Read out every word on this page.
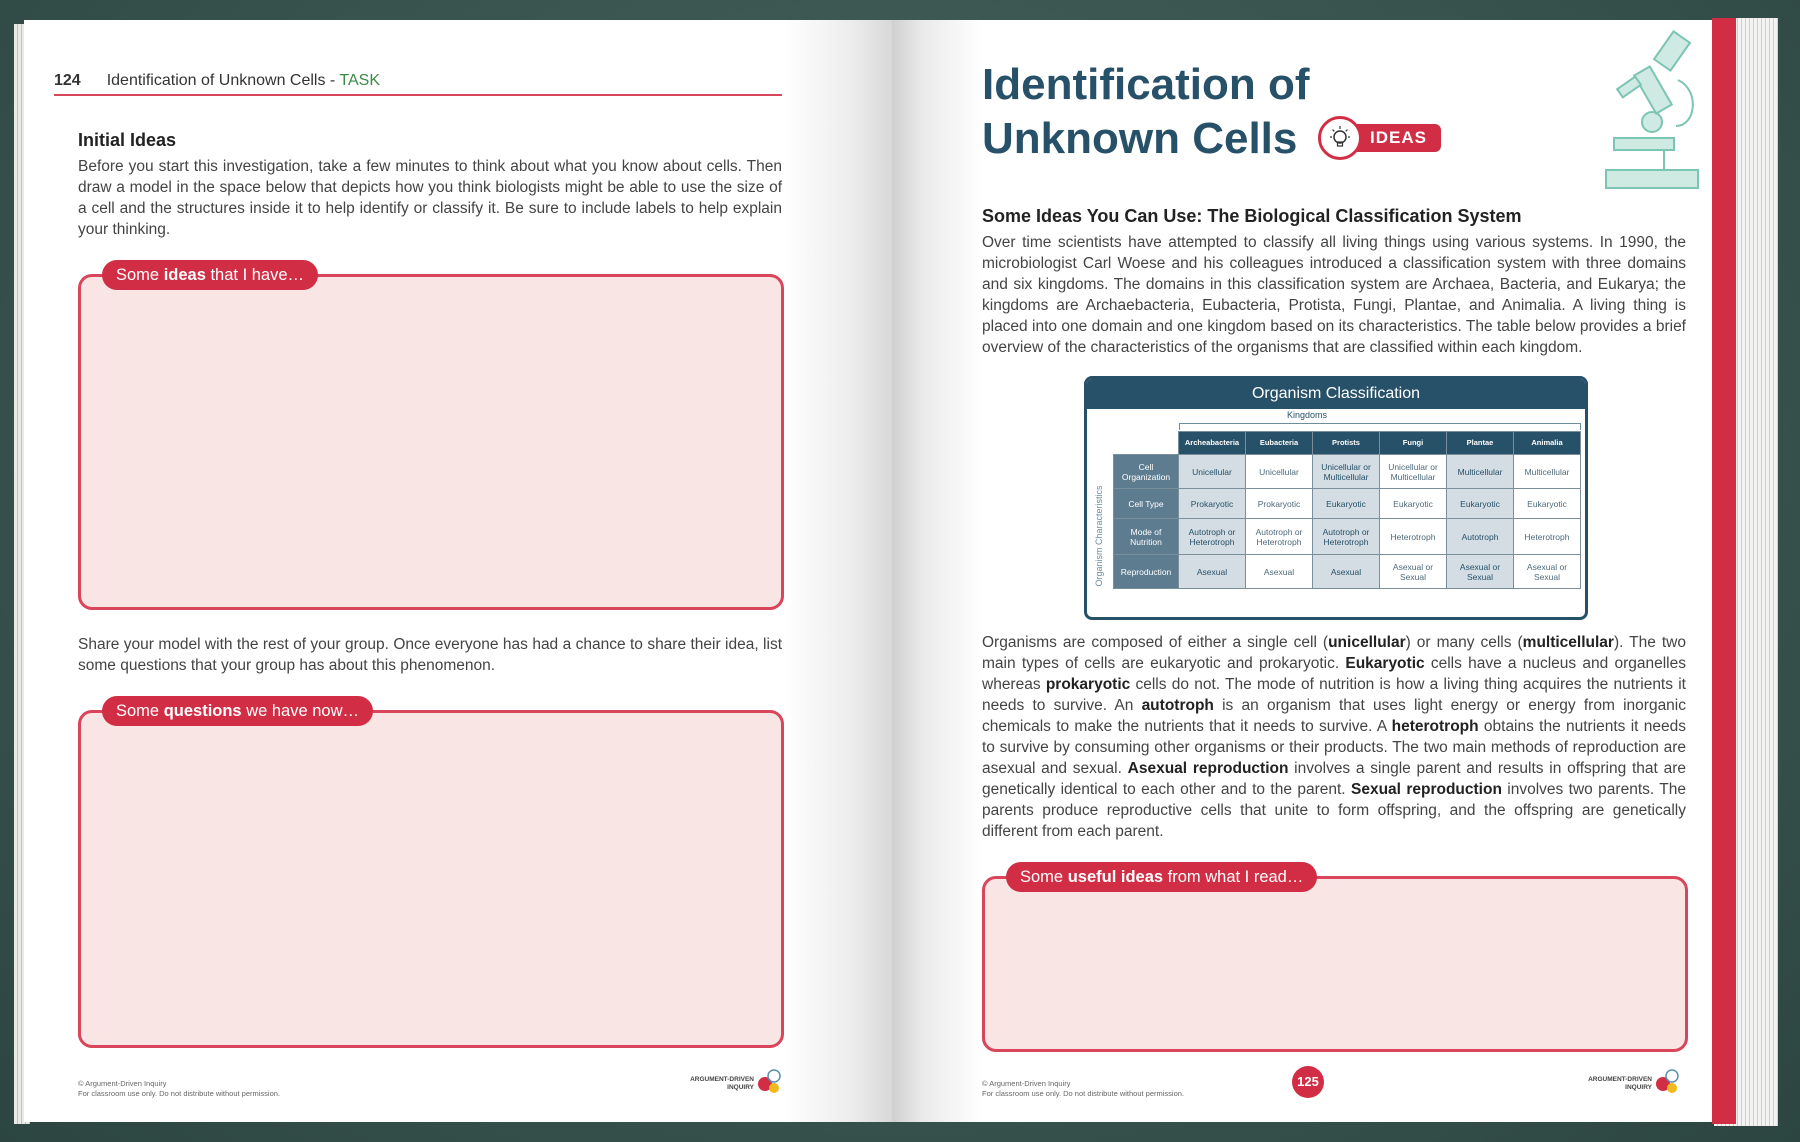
124 Identification of Unknown Cells - TASK
Initial Ideas

Before you start this investigation, take a few minutes to think about what you know about cells. Then draw a model in the space below that depicts how you think biologists might be able to use the size of a cell and the structures inside it to help identify or classify it. Be sure to include labels to help explain your thinking.

Some ideas that I have…

Share your model with the rest of your group. Once everyone has had a chance to share their idea, list some questions that your group has about this phenomenon.

Some questions we have now…
© Argument-Driven Inquiry
For classroom use only. Do not distribute without permission.
ARGUMENT-DRIVEN
INQUIRY
Identification of
Unknown Cells	IDEAS
Some Ideas You Can Use: The Biological Classification System

Over time scientists have attempted to classify all living things using various systems. In 1990, the microbiologist Carl Woese and his colleagues introduced a classification system with three domains and six kingdoms. The domains in this classification system are Archaea, Bacteria, and Eukarya; the kingdoms are Archaebacteria, Eubacteria, Protista, Fungi, Plantae, and Animalia. A living thing is placed into one domain and one kingdom based on its characteristics. The table below provides a brief overview of the characteristics of the organisms that are classified within each kingdom.

Organism Classification
Kingdoms
Organism Characteristics
	Archeabacteria	Eubacteria	Protists	Fungi	Plantae	Animalia
Cell Organization	Unicellular	Unicellular	Unicellular or Multicellular	Unicellular or Multicellular	Multicellular	Multicellular
Cell Type	Prokaryotic	Prokaryotic	Eukaryotic	Eukaryotic	Eukaryotic	Eukaryotic
Mode of Nutrition	Autotroph or Heterotroph	Autotroph or Heterotroph	Autotroph or Heterotroph	Heterotroph	Autotroph	Heterotroph
Reproduction	Asexual	Asexual	Asexual	Asexual or Sexual	Asexual or Sexual	Asexual or Sexual

Organisms are composed of either a single cell (unicellular) or many cells (multicellular). The two main types of cells are eukaryotic and prokaryotic. Eukaryotic cells have a nucleus and organelles whereas prokaryotic cells do not. The mode of nutrition is how a living thing acquires the nutrients it needs to survive. An autotroph is an organism that uses light energy or energy from inorganic chemicals to make the nutrients that it needs to survive. A heterotroph obtains the nutrients it needs to survive by consuming other organisms or their products. The two main methods of reproduction are asexual and sexual. Asexual reproduction involves a single parent and results in offspring that are genetically identical to each other and to the parent. Sexual reproduction involves two parents. The parents produce reproductive cells that unite to form offspring, and the offspring are genetically different from each parent.

Some useful ideas from what I read…
© Argument-Driven Inquiry
For classroom use only. Do not distribute without permission.
125	ARGUMENT-DRIVEN
INQUIRY
